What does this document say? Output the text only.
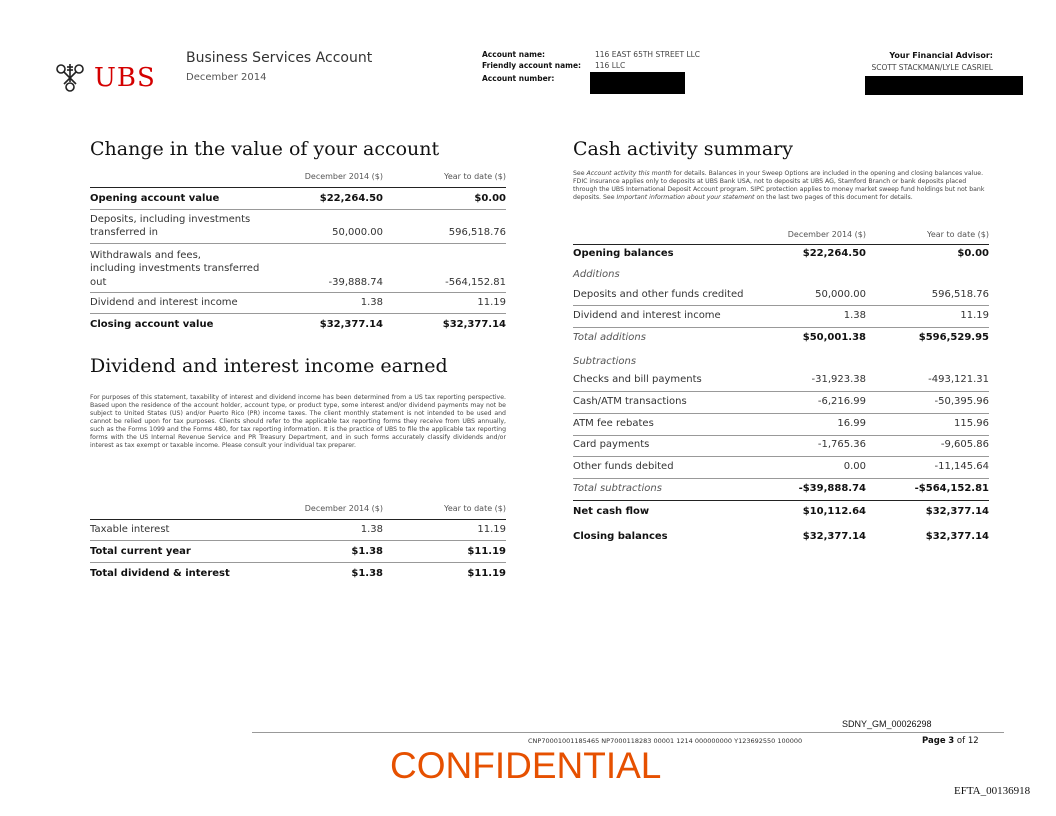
UBS
Business Services Account
December 2014
Account name:	116 EAST 65TH STREET LLC
Friendly account name: 116 LLC
Account number:
Your Financial Advisor:
SCOTT STACKMAN/LYLE CASRIEL
Change in the value of your account
December 2014 ($)	Year to date ($)
Opening account value	$22,264.50	$0.00
Deposits, including investments
transferred in	50,000.00	596,518.76
Withdrawals and fees,
including investments transferred
out	-39,888.74	-564,152.81
Dividend and interest income	1.38	11.19
Closing account value	$32,377.14	$32,377.14
Dividend and interest income earned
For purposes of this statement, taxability of interest and dividend income has been determined from a US tax reporting perspective. Based upon the residence of the account holder, account type, or product type, some interest and/or dividend payments may not be subject to United States (US) and/or Puerto Rico (PR) income taxes. The client monthly statement is not intended to be used and cannot be relied upon for tax purposes. Clients should refer to the applicable tax reporting forms they receive from UBS annually, such as the Forms 1099 and the Forms 480, for tax reporting information. It is the practice of UBS to file the applicable tax reporting forms with the US Internal Revenue Service and PR Treasury Department, and in such forms accurately classify dividends and/or interest as tax exempt or taxable income. Please consult your individual tax preparer.
December 2014 ($)	Year to date ($)
Taxable interest	1.38	11.19
Total current year	$1.38	$11.19
Total dividend & interest	$1.38	$11.19
Cash activity summary
See Account activity this month for details. Balances in your Sweep Options are included in the opening and closing balances value. FDIC insurance applies only to deposits at UBS Bank USA, not to deposits at UBS AG, Stamford Branch or bank deposits placed through the UBS International Deposit Account program. SIPC protection applies to money market sweep fund holdings but not bank deposits. See Important information about your statement on the last two pages of this document for details.
December 2014 ($)	Year to date ($)
Opening balances	$22,264.50	$0.00
Additions
Deposits and other funds credited	50,000.00	596,518.76
Dividend and interest income	1.38	11.19
Total additions	$50,001.38	$596,529.95
Subtractions
Checks and bill payments	-31,923.38	-493,121.31
Cash/ATM transactions	-6,216.99	-50,395.96
ATM fee rebates	16.99	115.96
Card payments	-1,765.36	-9,605.86
Other funds debited	0.00	-11,145.64
Total subtractions	-$39,888.74	-$564,152.81
Net cash flow	$10,112.64	$32,377.14
Closing balances	$32,377.14	$32,377.14
SDNY_GM_00026298
CNP70001001185465 NP7000118283 00001 1214 000000000 Y123692550 100000	Page 3 of 12
CONFIDENTIAL
EFTA_00136918
